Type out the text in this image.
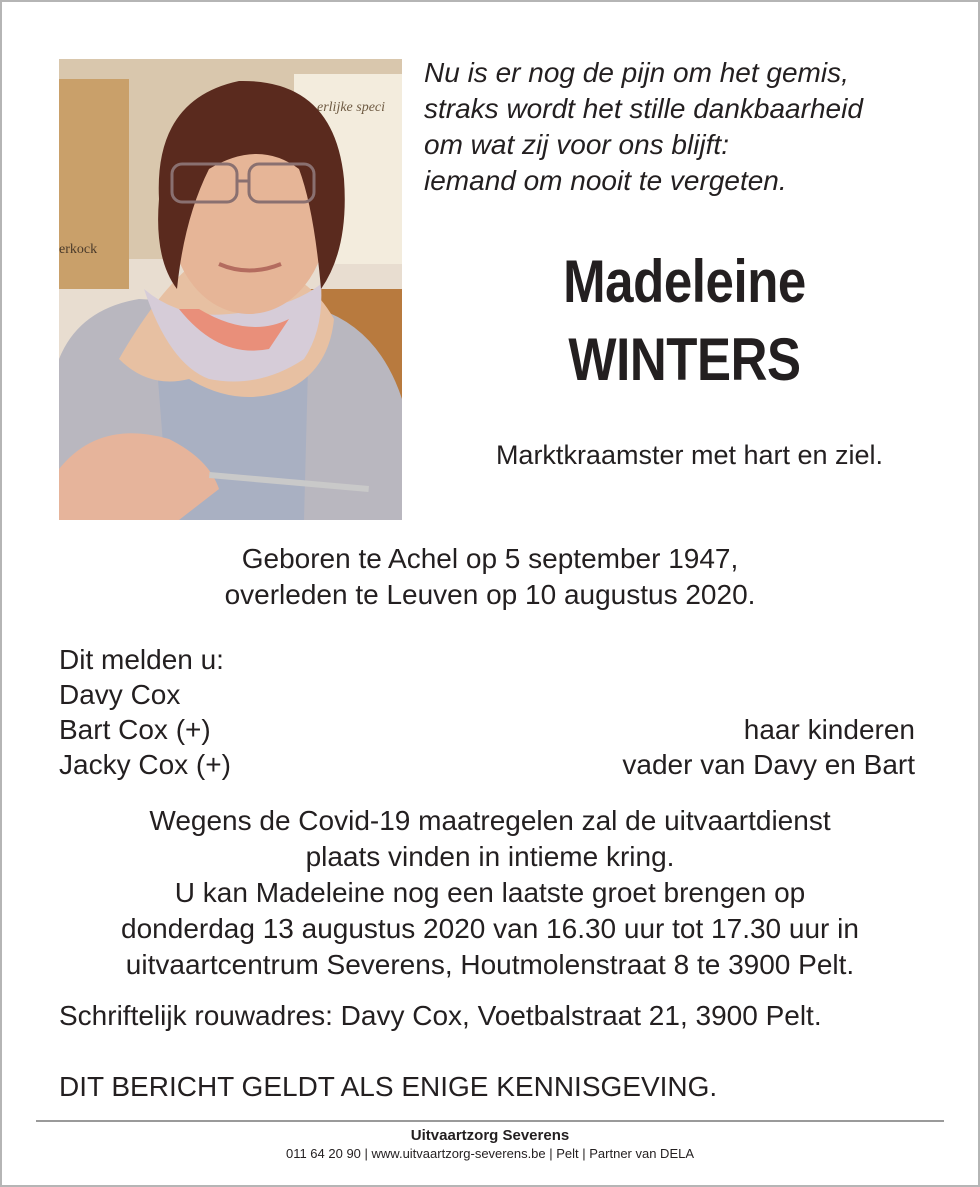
erlijke speci
erkock
Nu is er nog de pijn om het gemis,
straks wordt het stille dankbaarheid
om wat zij voor ons blijft:
iemand om nooit te vergeten.
Madeleine
WINTERS
Marktkraamster met hart en ziel.

Geboren te Achel op 5 september 1947,

overleden te Leuven op 10 augustus 2020.

Dit melden u:
Davy Cox
Bart Cox (+)	haar kinderen
Jacky Cox (+)	vader van Davy en Bart

Wegens de Covid-19 maatregelen zal de uitvaartdienst

plaats vinden in intieme kring.

U kan Madeleine nog een laatste groet brengen op

donderdag 13 augustus 2020 van 16.30 uur tot 17.30 uur in

uitvaartcentrum Severens, Houtmolenstraat 8 te 3900 Pelt.

Schriftelijk rouwadres: Davy Cox, Voetbalstraat 21, 3900 Pelt.
DIT BERICHT GELDT ALS ENIGE KENNISGEVING.
Uitvaartzorg Severens
011 64 20 90 | www.uitvaartzorg-severens.be | Pelt | Partner van DELA
